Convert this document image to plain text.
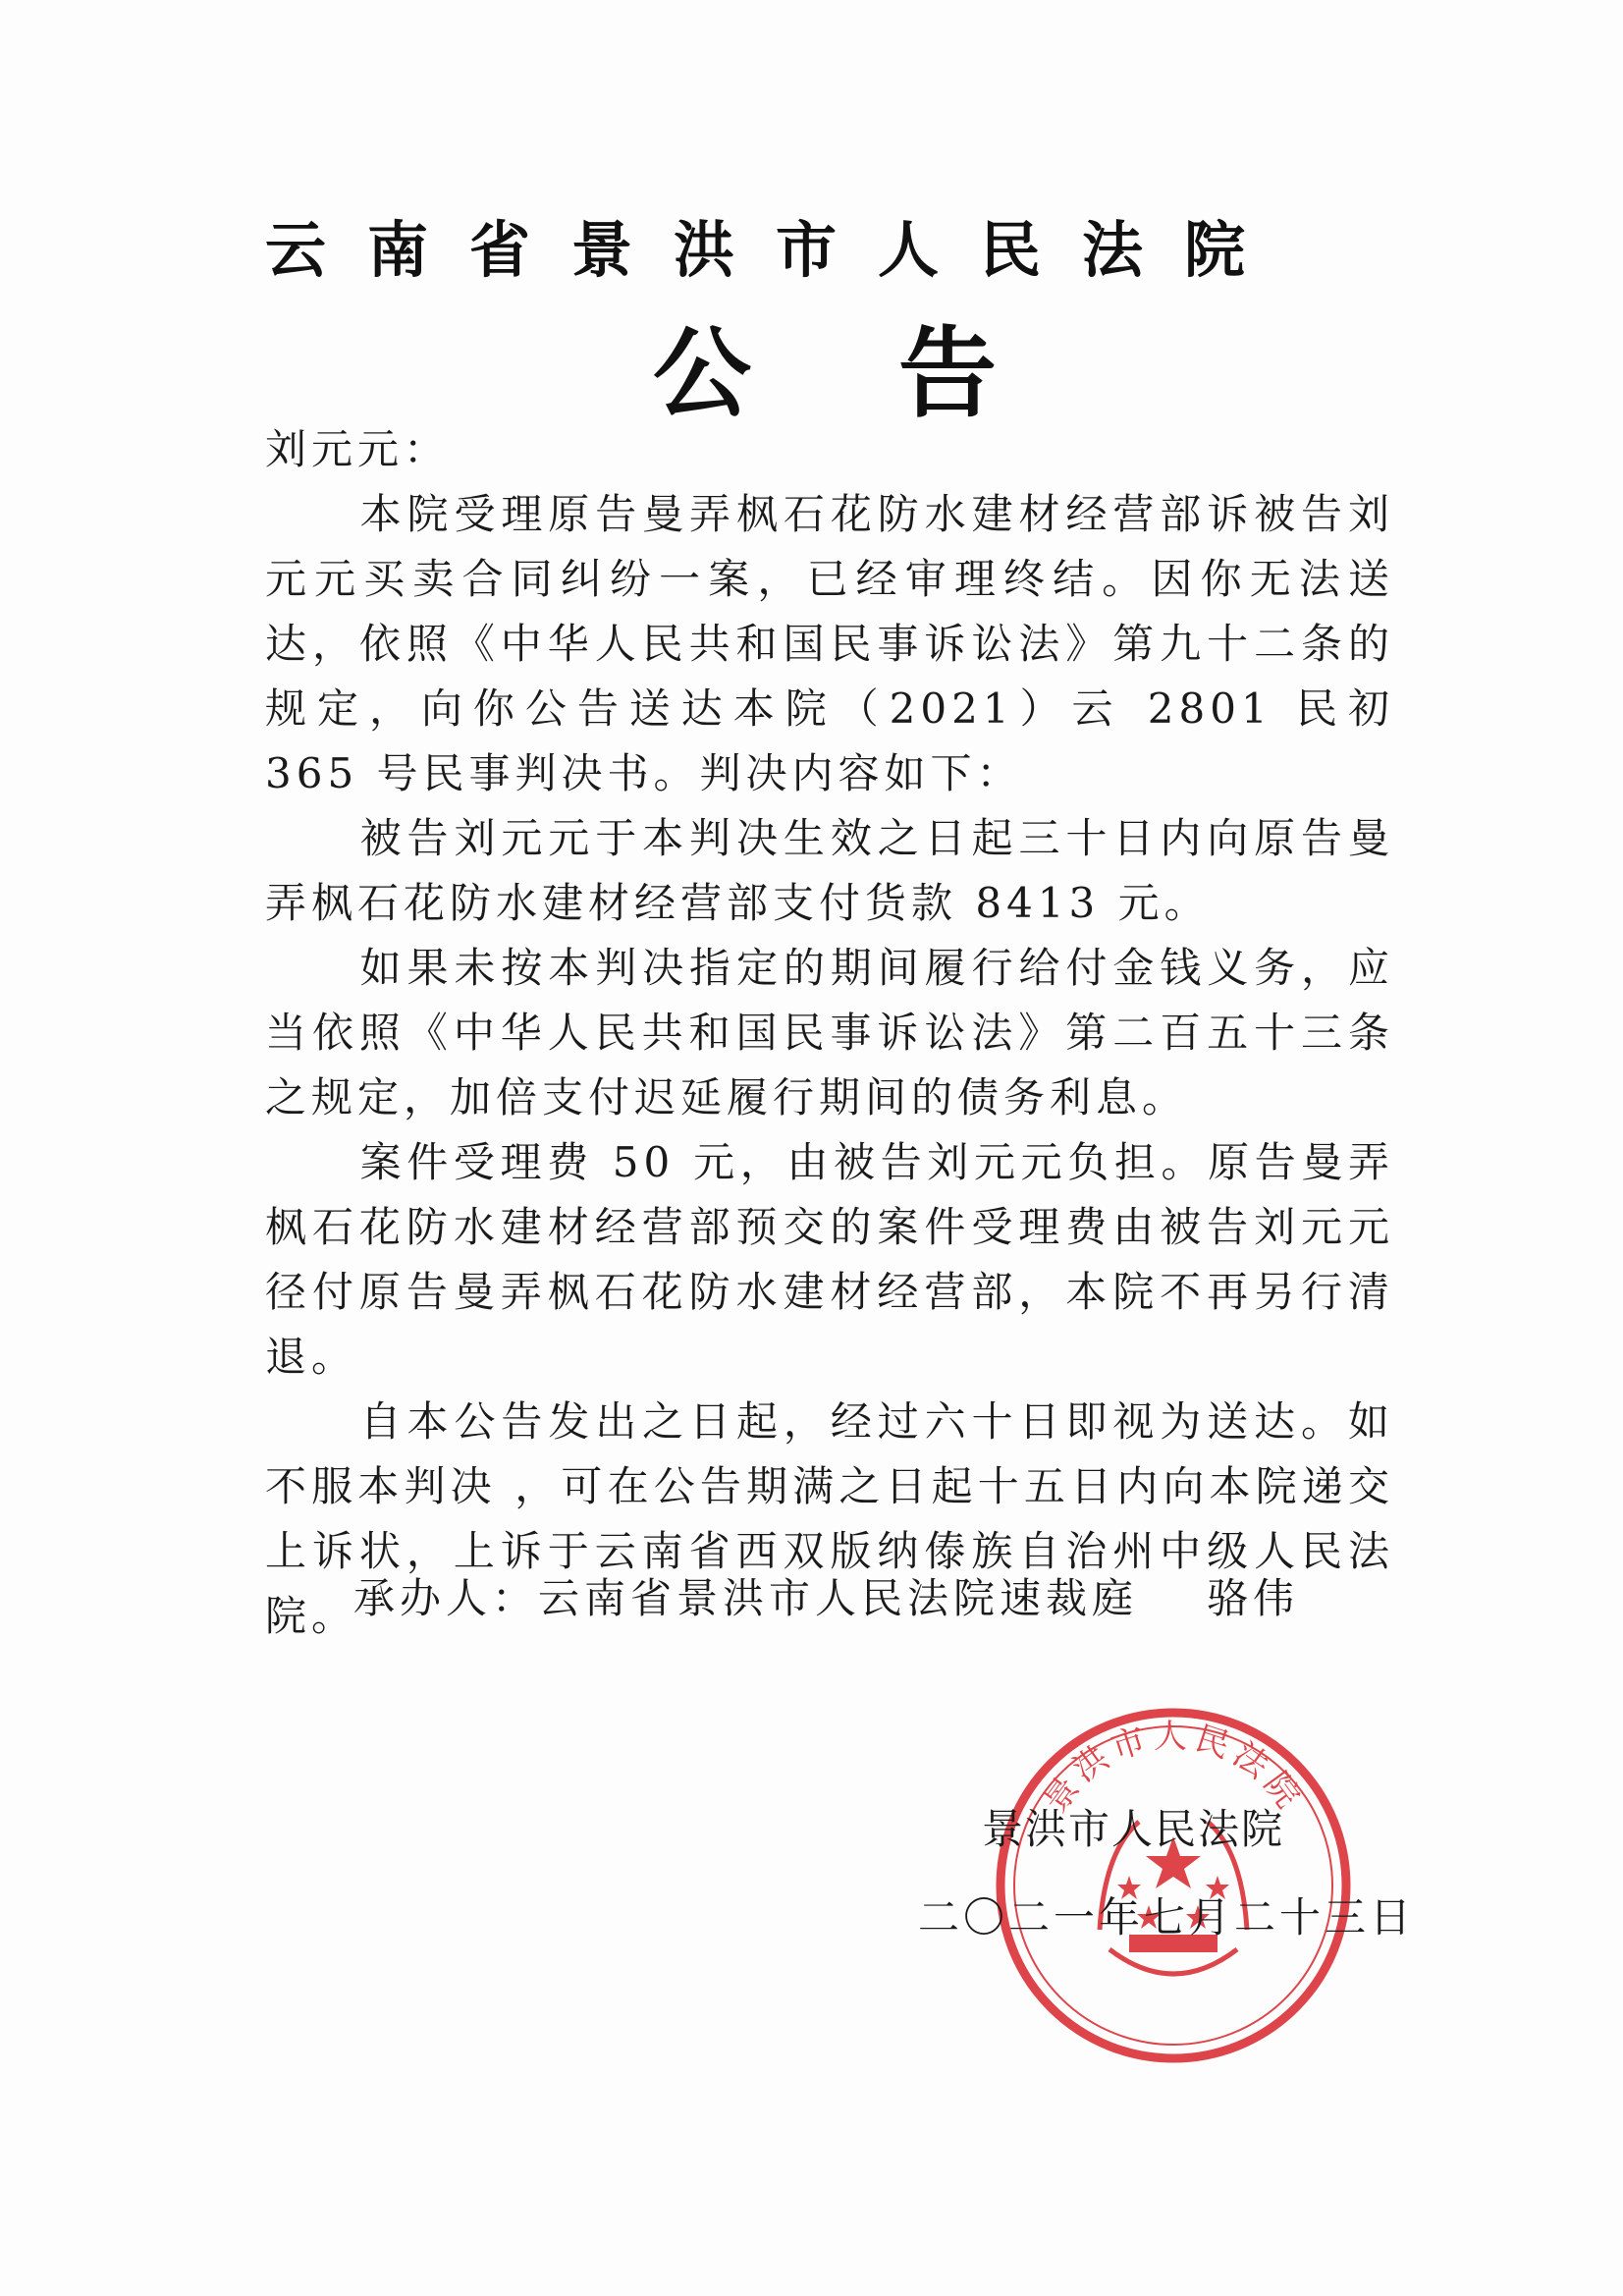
云南省景洪市人民法院
公告

刘元元：

本院受理原告曼弄枫石花防水建材经营部诉被告刘元元买卖合同纠纷一案，已经审理终结。因你无法送达，依照《中华人民共和国民事诉讼法》第九十二条的规定，向你公告送达本院（2021）云 2801 民初 365 号民事判决书。判决内容如下：

被告刘元元于本判决生效之日起三十日内向原告曼弄枫石花防水建材经营部支付货款 8413 元。

如果未按本判决指定的期间履行给付金钱义务，应当依照《中华人民共和国民事诉讼法》第二百五十三条之规定，加倍支付迟延履行期间的债务利息。

案件受理费 50 元，由被告刘元元负担。原告曼弄枫石花防水建材经营部预交的案件受理费由被告刘元元径付原告曼弄枫石花防水建材经营部，本院不再另行清退。

自本公告发出之日起，经过六十日即视为送达。如不服本判决 ，可在公告期满之日起十五日内向本院递交上诉状，上诉于云南省西双版纳傣族自治州中级人民法院。

承办人：云南省景洪市人民法院速裁庭 骆伟
景洪市人民法院
景洪市人民法院
二〇二一年七月二十三日
